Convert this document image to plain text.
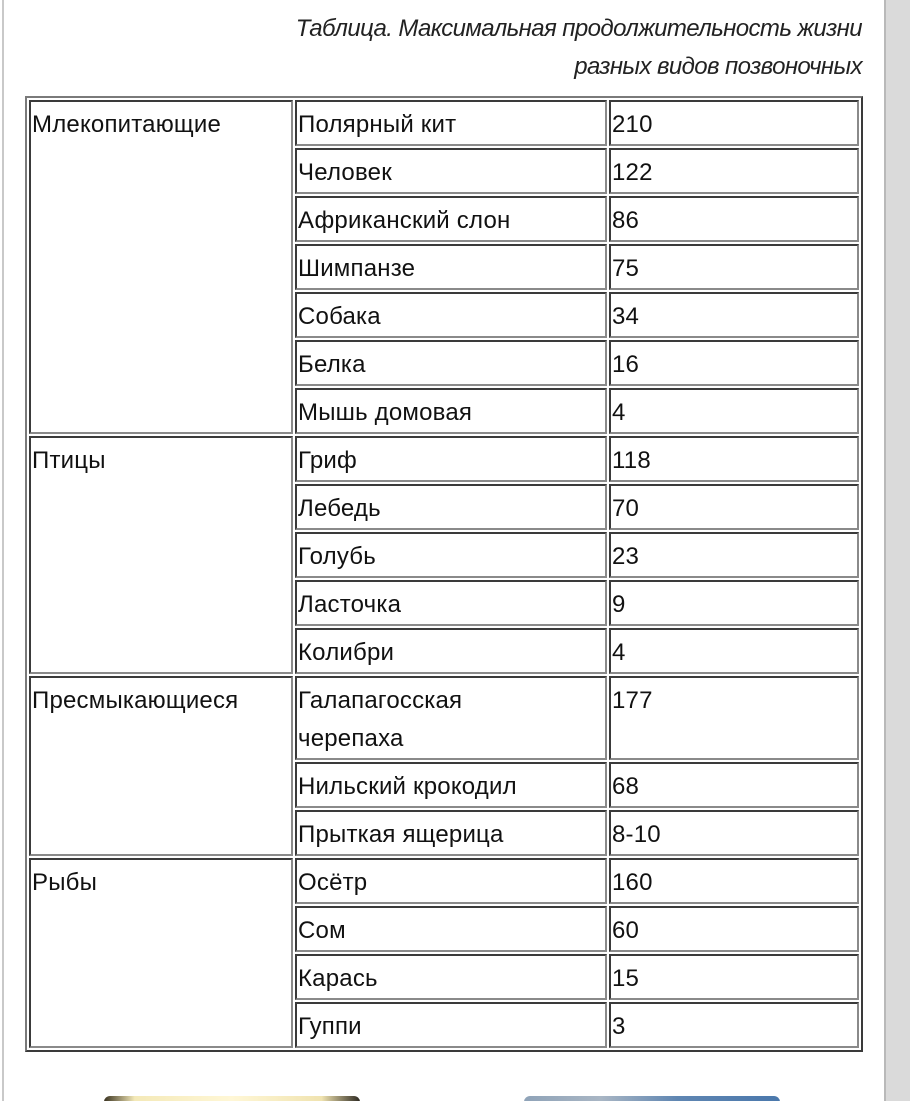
Таблица. Максимальная продолжительность жизни
разных видов позвоночных
Млекопитающие	Полярный кит	210
	Человек	122
	Африканский слон	86
	Шимпанзе	75
	Собака	34
	Белка	16
	Мышь домовая	4
Птицы	Гриф	118
	Лебедь	70
	Голубь	23
	Ласточка	9
	Колибри	4
Пресмыкающиеся	Галапагосская черепаха	177
	Нильский крокодил	68
	Прыткая ящерица	8-10
Рыбы	Осётр	160
	Сом	60
	Карась	15
	Гуппи	3
